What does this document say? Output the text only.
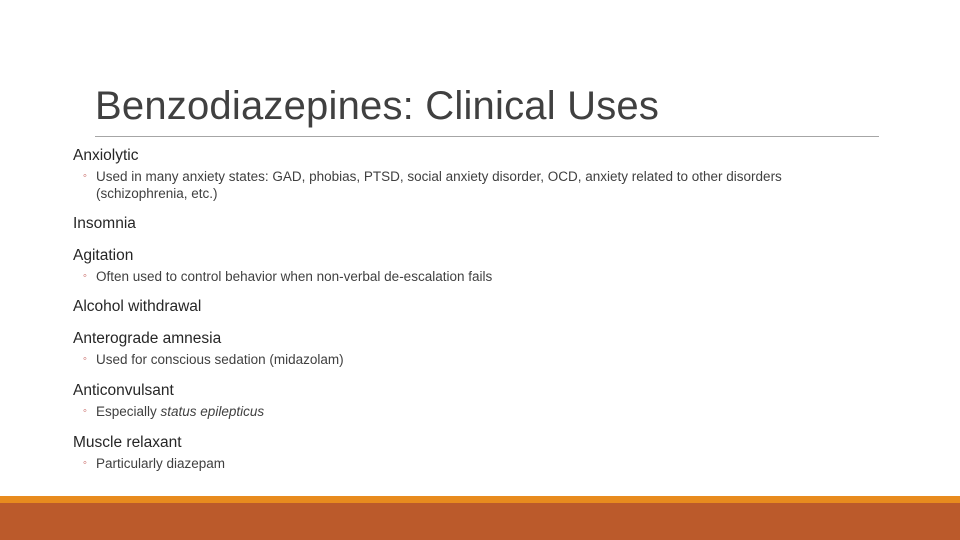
Benzodiazepines: Clinical Uses
Anxiolytic
◦ Used in many anxiety states: GAD, phobias, PTSD, social anxiety disorder, OCD, anxiety related to other disorders (schizophrenia, etc.)
Insomnia
Agitation
◦ Often used to control behavior when non-verbal de-escalation fails
Alcohol withdrawal
Anterograde amnesia
◦ Used for conscious sedation (midazolam)
Anticonvulsant
◦ Especially status epilepticus
Muscle relaxant
◦ Particularly diazepam
